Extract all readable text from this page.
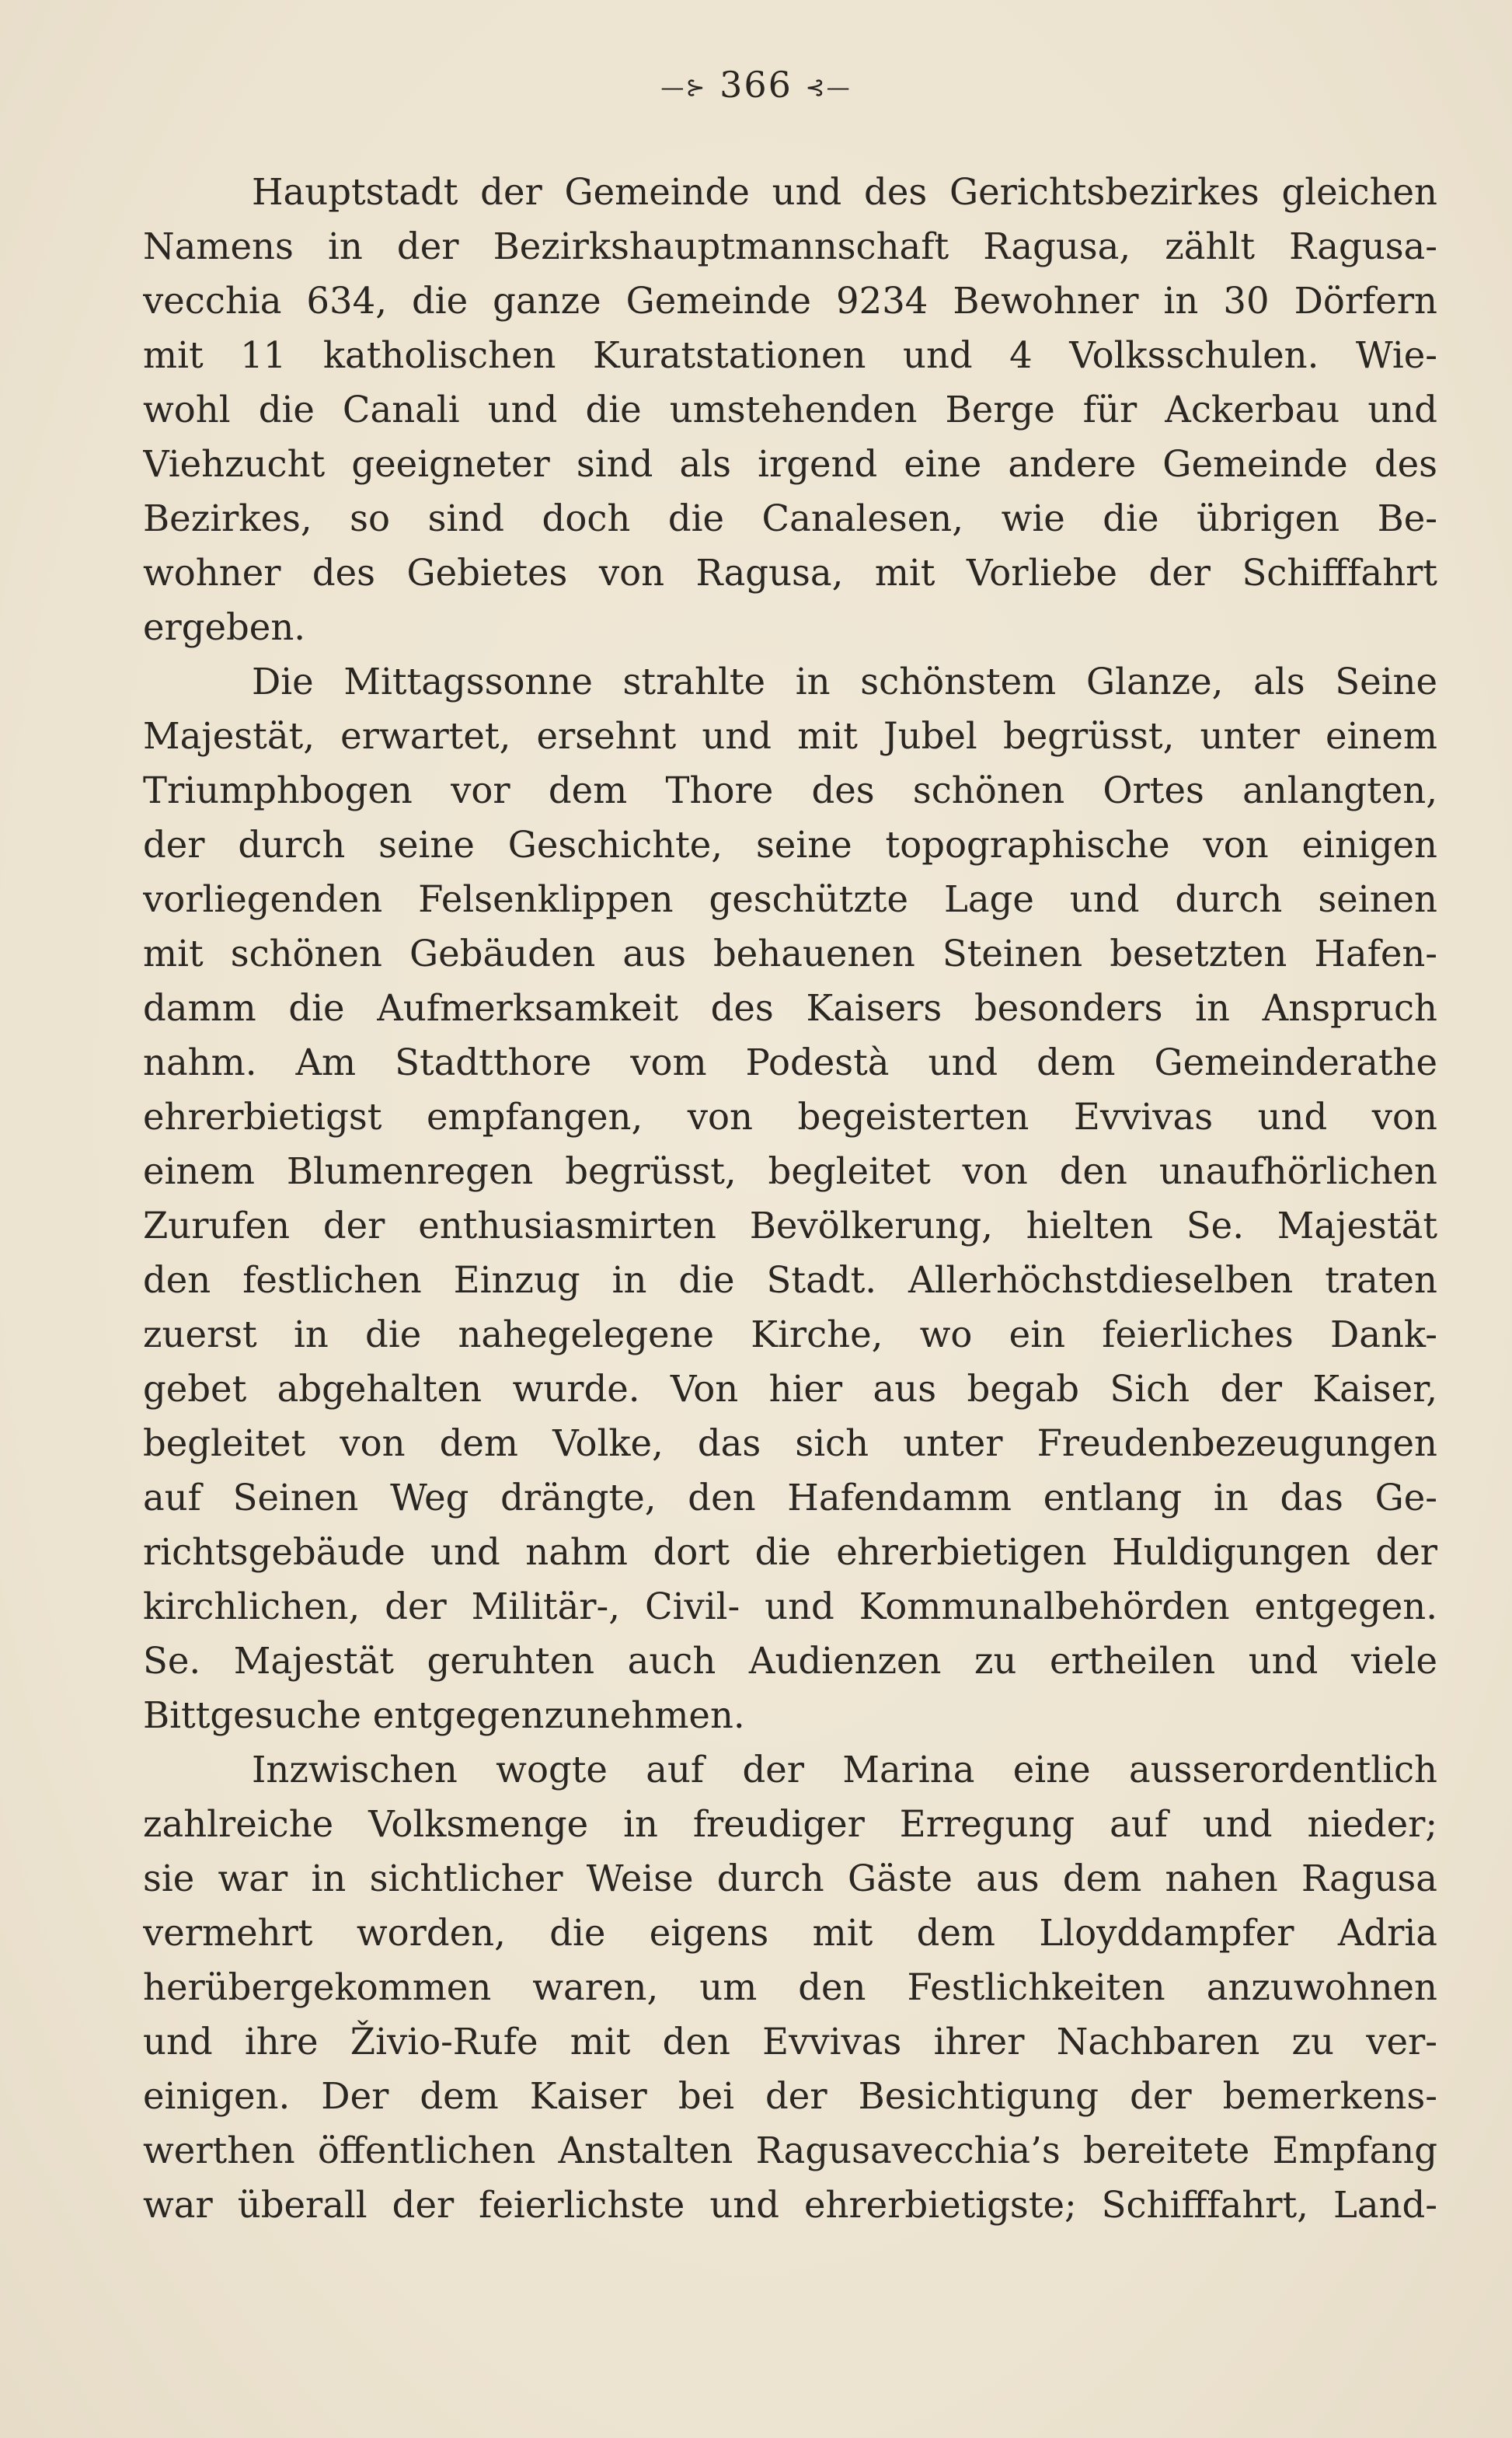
—⊱ 366 ⊰—
Hauptstadt der Gemeinde und des Gerichtsbezirkes gleichen
Namens in der Bezirkshauptmannschaft Ragusa, zählt Ragusa-
vecchia 634, die ganze Gemeinde 9234 Bewohner in 30 Dörfern
mit 11 katholischen Kuratstationen und 4 Volksschulen. Wie-
wohl die Canali und die umstehenden Berge für Ackerbau und
Viehzucht geeigneter sind als irgend eine andere Gemeinde des
Bezirkes, so sind doch die Canalesen, wie die übrigen Be-
wohner des Gebietes von Ragusa, mit Vorliebe der Schifffahrt
ergeben.
Die Mittagssonne strahlte in schönstem Glanze, als Seine
Majestät, erwartet, ersehnt und mit Jubel begrüsst, unter einem
Triumphbogen vor dem Thore des schönen Ortes anlangten,
der durch seine Geschichte, seine topographische von einigen
vorliegenden Felsenklippen geschützte Lage und durch seinen
mit schönen Gebäuden aus behauenen Steinen besetzten Hafen-
damm die Aufmerksamkeit des Kaisers besonders in Anspruch
nahm. Am Stadtthore vom Podestà und dem Gemeinderathe
ehrerbietigst empfangen, von begeisterten Evvivas und von
einem Blumenregen begrüsst, begleitet von den unaufhörlichen
Zurufen der enthusiasmirten Bevölkerung, hielten Se. Majestät
den festlichen Einzug in die Stadt. Allerhöchstdieselben traten
zuerst in die nahegelegene Kirche, wo ein feierliches Dank-
gebet abgehalten wurde. Von hier aus begab Sich der Kaiser,
begleitet von dem Volke, das sich unter Freudenbezeugungen
auf Seinen Weg drängte, den Hafendamm entlang in das Ge-
richtsgebäude und nahm dort die ehrerbietigen Huldigungen der
kirchlichen, der Militär-, Civil- und Kommunalbehörden entgegen.
Se. Majestät geruhten auch Audienzen zu ertheilen und viele
Bittgesuche entgegenzunehmen.
Inzwischen wogte auf der Marina eine ausserordentlich
zahlreiche Volksmenge in freudiger Erregung auf und nieder;
sie war in sichtlicher Weise durch Gäste aus dem nahen Ragusa
vermehrt worden, die eigens mit dem Lloyddampfer Adria
herübergekommen waren, um den Festlichkeiten anzuwohnen
und ihre Živio-Rufe mit den Evvivas ihrer Nachbaren zu ver-
einigen. Der dem Kaiser bei der Besichtigung der bemerkens-
werthen öffentlichen Anstalten Ragusavecchia’s bereitete Empfang
war überall der feierlichste und ehrerbietigste; Schifffahrt, Land-
